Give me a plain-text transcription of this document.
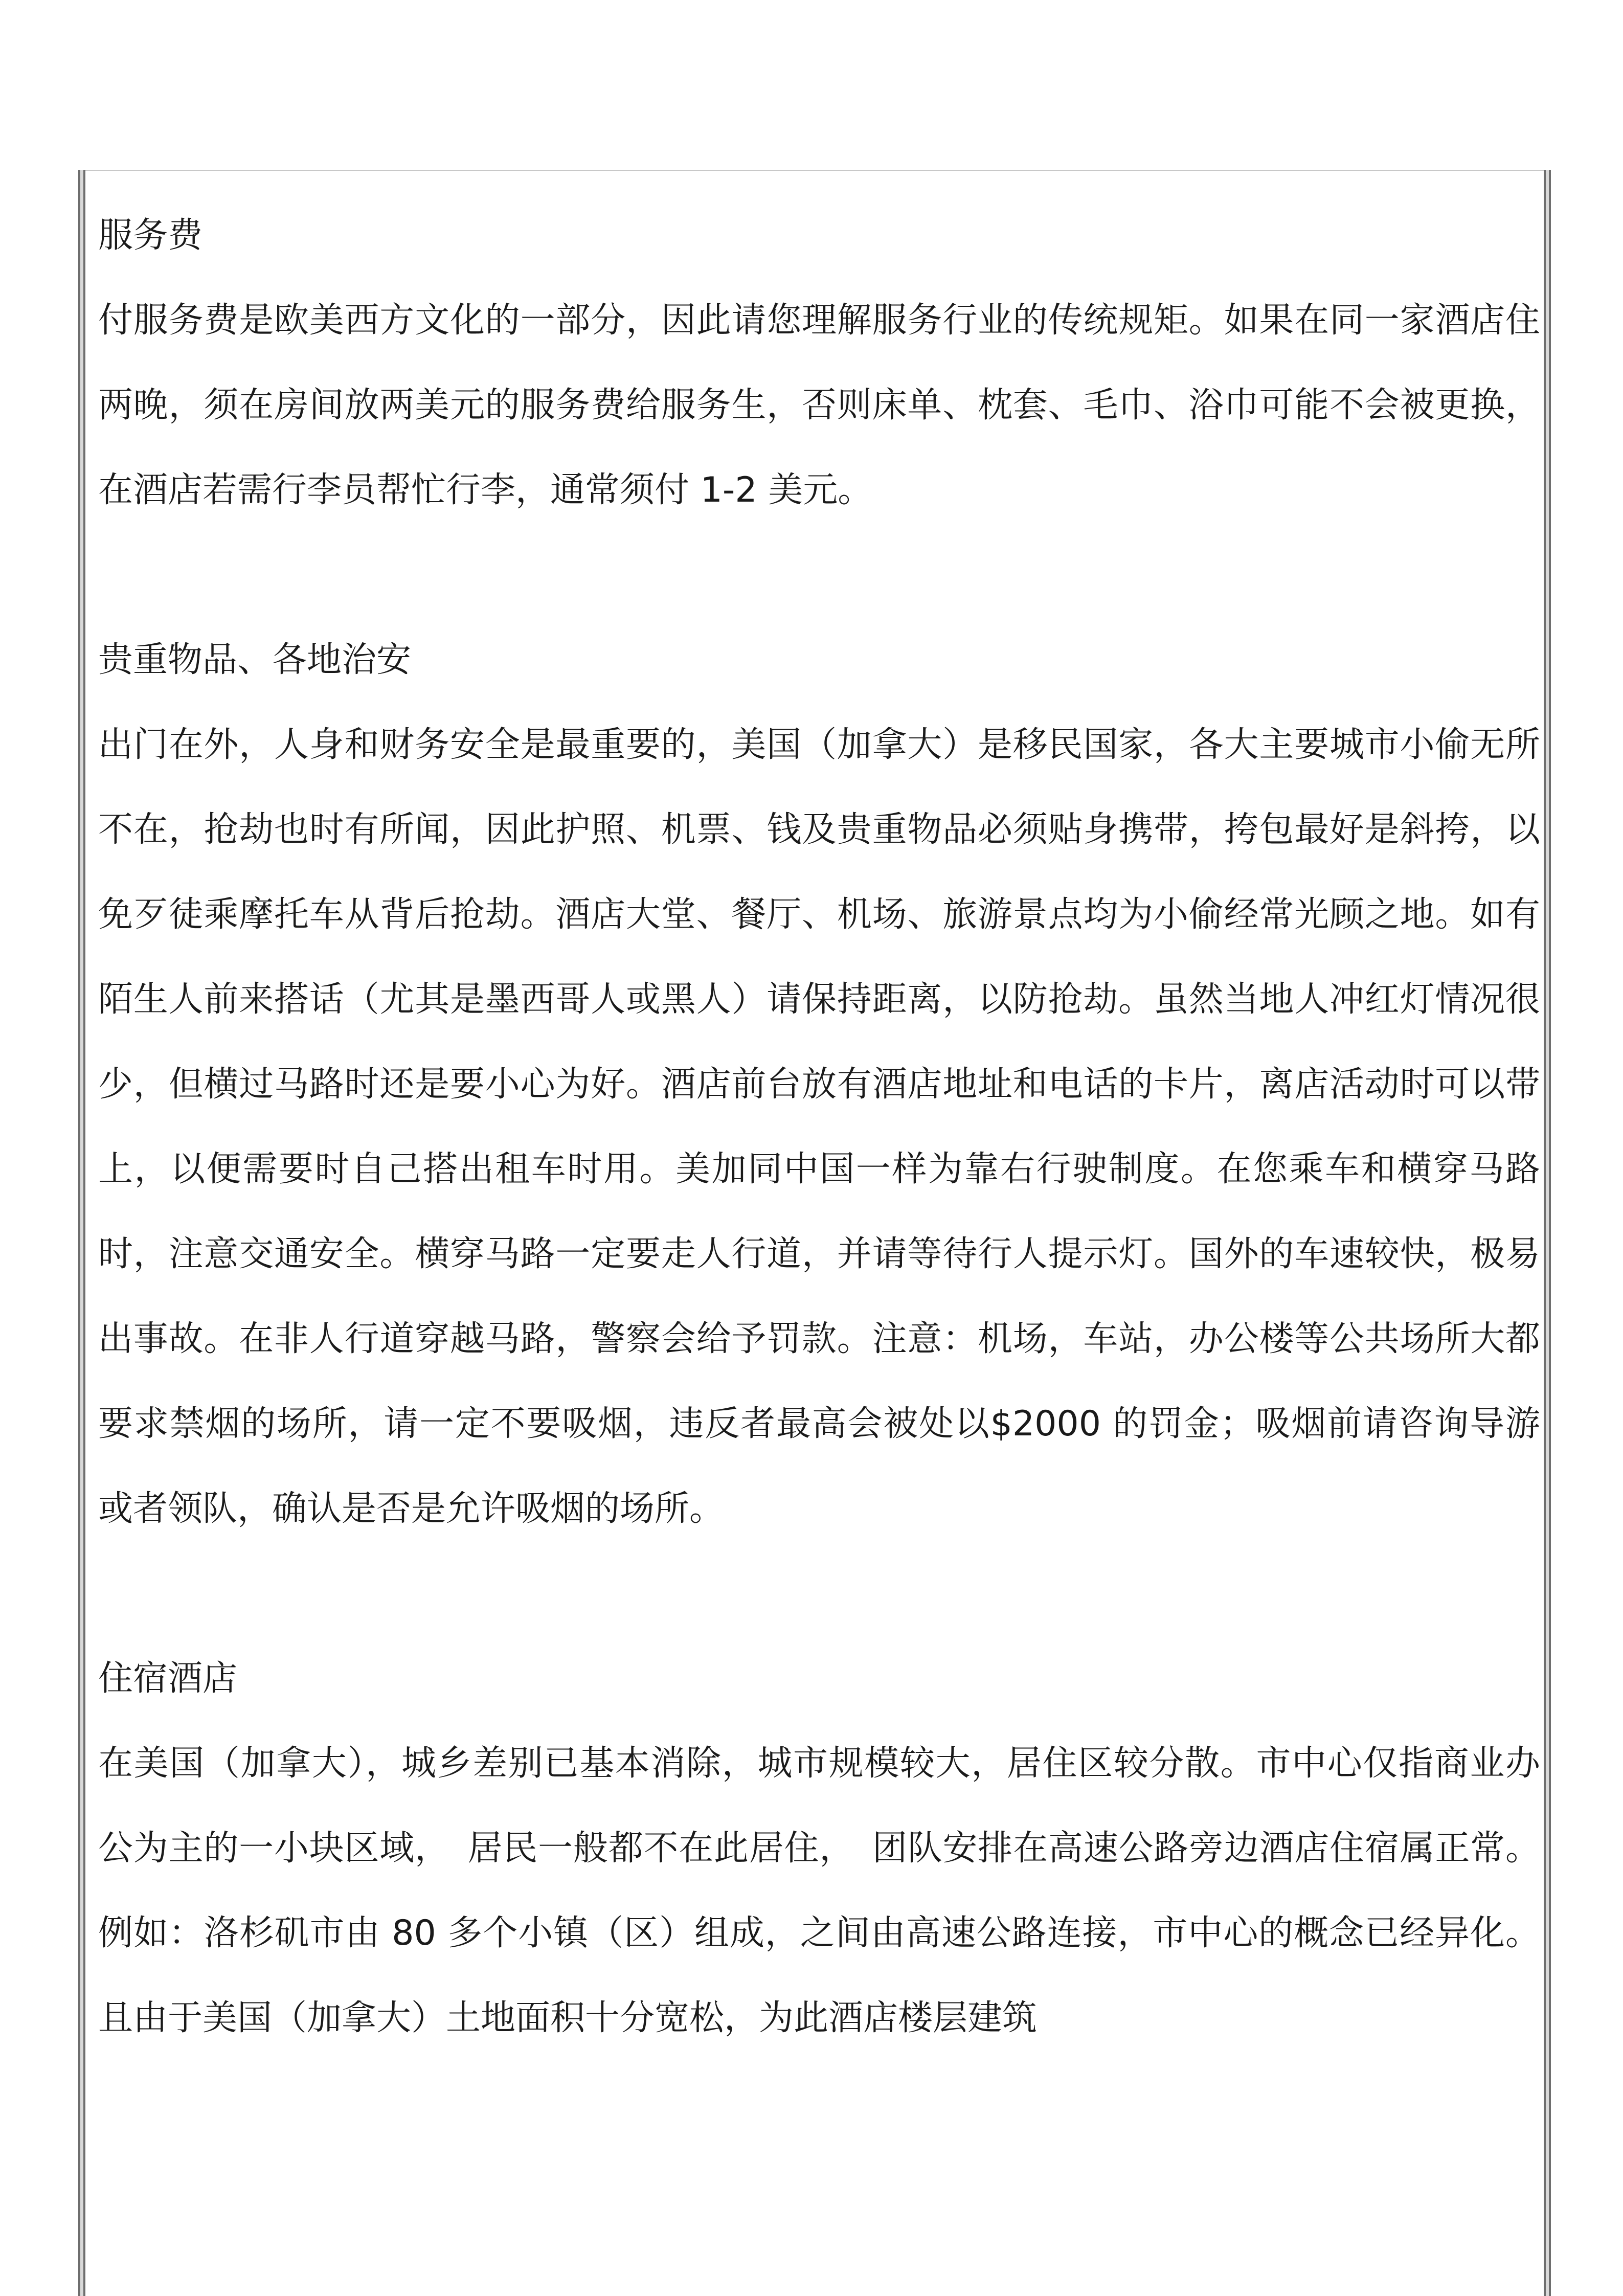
服务费

付服务费是欧美西方文化的一部分，因此请您理解服务行业的传统规矩。如果在同一家酒店住两晚，须在房间放两美元的服务费给服务生，否则床单、枕套、毛巾、浴巾可能不会被更换，在酒店若需行李员帮忙行李，通常须付 1-2 美元。

贵重物品、各地治安

出门在外，人身和财务安全是最重要的，美国（加拿大）是移民国家，各大主要城市小偷无所不在，抢劫也时有所闻，因此护照、机票、钱及贵重物品必须贴身携带，挎包最好是斜挎，以免歹徒乘摩托车从背后抢劫。酒店大堂、餐厅、机场、旅游景点均为小偷经常光顾之地。如有陌生人前来搭话（尤其是墨西哥人或黑人）请保持距离，以防抢劫。虽然当地人冲红灯情况很少，但横过马路时还是要小心为好。酒店前台放有酒店地址和电话的卡片，离店活动时可以带上，以便需要时自己搭出租车时用。美加同中国一样为靠右行驶制度。在您乘车和横穿马路时，注意交通安全。横穿马路一定要走人行道，并请等待行人提示灯。国外的车速较快，极易出事故。在非人行道穿越马路，警察会给予罚款。注意：机场，车站，办公楼等公共场所大都要求禁烟的场所，请一定不要吸烟，违反者最高会被处以$2000 的罚金；吸烟前请咨询导游或者领队，确认是否是允许吸烟的场所。

住宿酒店

在美国（加拿大），城乡差别已基本消除，城市规模较大，居住区较分散。市中心仅指商业办公为主的一小块区域，　居民一般都不在此居住，　团队安排在高速公路旁边酒店住宿属正常。例如：洛杉矶市由 80 多个小镇（区）组成，之间由高速公路连接，市中心的概念已经异化。且由于美国（加拿大）土地面积十分宽松，为此酒店楼层建筑
